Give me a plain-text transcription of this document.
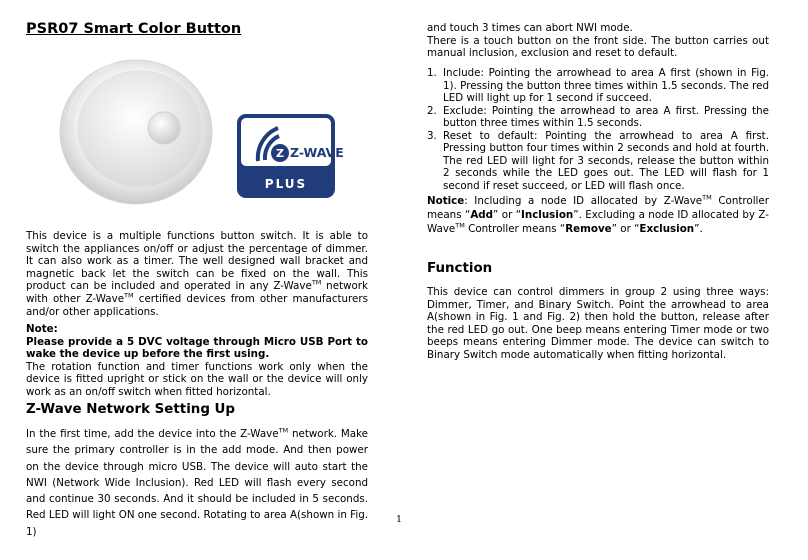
PSR07 Smart Color Button
Z Z-WAVE
PLUS

This device is a multiple functions button switch. It is able to switch the appliances on/off or adjust the percentage of dimmer. It can also work as a timer. The well designed wall bracket and magnetic back let the switch can be fixed on the wall. This product can be included and operated in any Z-Wave™ network with other Z-Wave™ certified devices from other manufacturers and/or other applications.

Note:
Please provide a 5 DVC voltage through Micro USB Port to wake the device up before the first using.
The rotation function and timer functions work only when the device is fitted upright or stick on the wall or the device will only work as an on/off switch when fitted horizontal.

Z-Wave Network Setting Up

In the first time, add the device into the Z-Wave™ network. Make sure the primary controller is in the add mode. And then power on the device through micro USB. The device will auto start the NWI (Network Wide Inclusion). Red LED will flash every second and continue 30 seconds. And it should be included in 5 seconds. Red LED will light ON one second. Rotating to area A(shown in Fig. 1)

and touch 3 times can abort NWI mode.
There is a touch button on the front side. The button carries out manual inclusion, exclusion and reset to default.

1. Include: Pointing the arrowhead to area A first (shown in Fig. 1). Pressing the button three times within 1.5 seconds. The red LED will light up for 1 second if succeed.
2. Exclude: Pointing the arrowhead to area A first. Pressing the button three times within 1.5 seconds.
3. Reset to default: Pointing the arrowhead to area A first. Pressing button four times within 2 seconds and hold at fourth. The red LED will light for 3 seconds, release the button within 2 seconds while the LED goes out. The LED will flash for 1 second if reset succeed, or LED will flash once.

Notice: Including a node ID allocated by Z-Wave™ Controller means “Add” or “Inclusion”. Excluding a node ID allocated by Z-Wave™ Controller means “Remove” or “Exclusion”.

Function

This device can control dimmers in group 2 using three ways: Dimmer, Timer, and Binary Switch. Point the arrowhead to area A(shown in Fig. 1 and Fig. 2) then hold the button, release after the red LED go out. One beep means entering Timer mode or two beeps means entering Dimmer mode. The device can switch to Binary Switch mode automatically when fitting horizontal.

1
